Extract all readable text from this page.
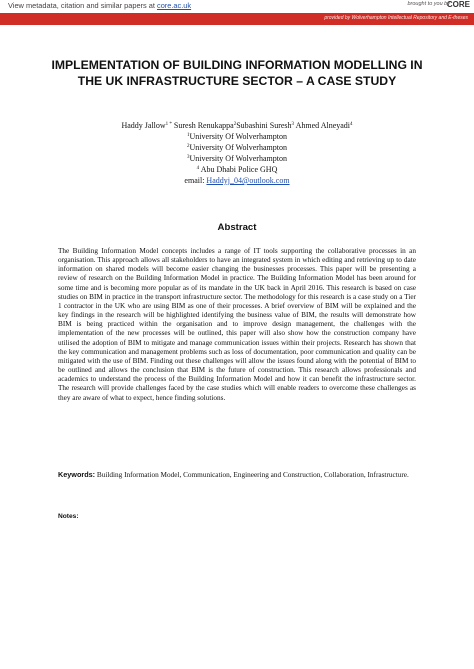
View metadata, citation and similar papers at core.ac.uk	brought to you by
CORE
provided by Wolverhampton Intellectual Repository and E-theses
IMPLEMENTATION OF BUILDING INFORMATION MODELLING IN THE UK INFRASTRUCTURE SECTOR – A CASE STUDY
Haddy Jallow$^{1 *}$ Suresh Renukappa$^2$Subashini Suresh$^3$ Ahmed Alneyadi$^4$
$^1$University Of Wolverhampton
$^2$University Of Wolverhampton
$^3$University Of Wolverhampton
$^4$ Abu Dhabi Police GHQ
email: Haddyj_04@outlook.com
Abstract
The Building Information Model concepts includes a range of IT tools supporting the collaborative processes in an organisation. This approach allows all stakeholders to have an integrated system in which editing and retrieving up to date information on shared models will become easier changing the businesses processes. This paper will be presenting a review of research on the Building Information Model in practice. The Building Information Model has been around for some time and is becoming more popular as of its mandate in the UK back in April 2016. This research is based on case studies on BIM in practice in the transport infrastructure sector. The methodology for this research is a case study on a Tier 1 contractor in the UK who are using BIM as one of their processes. A brief overview of BIM will be explained and the key findings in the research will be highlighted identifying the business value of BIM, the results will demonstrate how BIM is being practiced within the organisation and to improve design management, the challenges with the implementation of the new processes will be outlined, this paper will also show how the construction company have utilised the adoption of BIM to mitigate and manage communication issues within their projects. Research has shown that the key communication and management problems such as loss of documentation, poor communication and quality can be mitigated with the use of BIM. Finding out these challenges will allow the issues found along with the potential of BIM to be outlined and allows the conclusion that BIM is the future of construction. This research allows professionals and academics to understand the process of the Building Information Model and how it can benefit the infrastructure sector. The research will provide challenges faced by the case studies which will enable readers to overcome these challenges as they are aware of what to expect, hence finding solutions.
Keywords: Building Information Model, Communication, Engineering and Construction, Collaboration, Infrastructure.
Notes:
